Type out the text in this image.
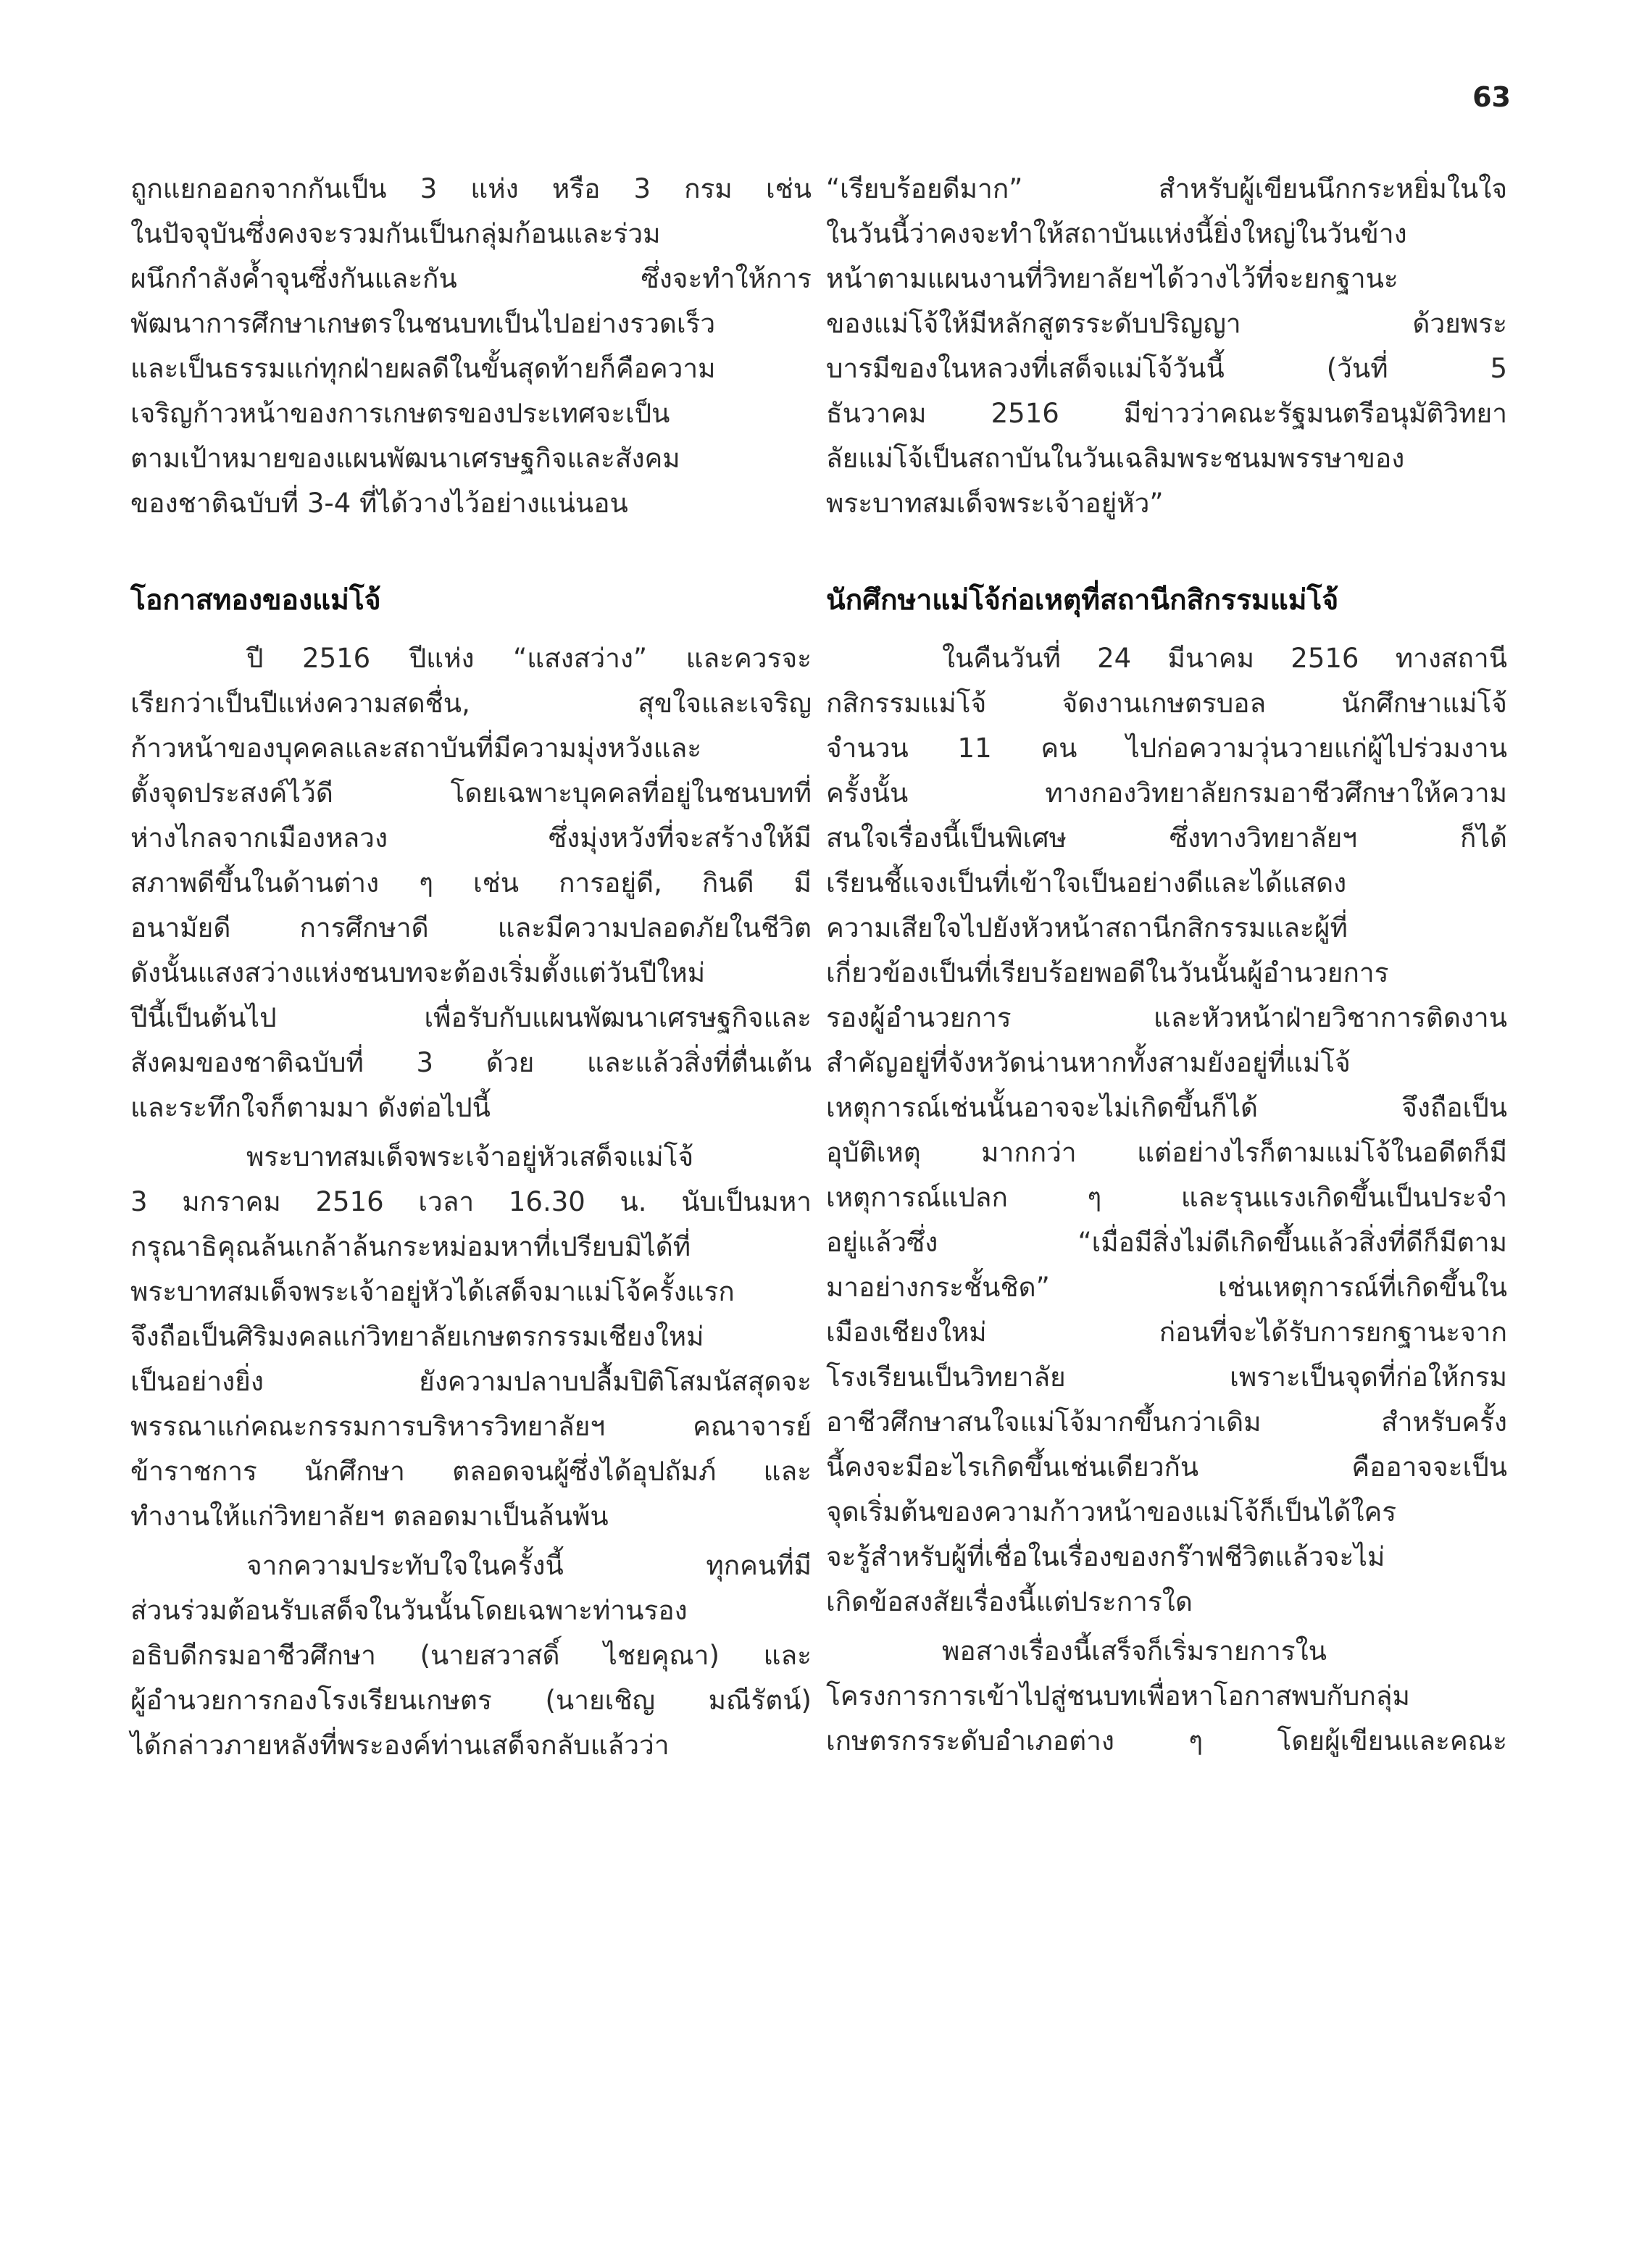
63
ถูกแยกออกจากกันเป็น 3 แห่ง หรือ 3 กรม เช่น
ในปัจจุบันซึ่งคงจะรวมกันเป็นกลุ่มก้อนและร่วม
ผนึกกำลังค้ำจุนซึ่งกันและกัน ซึ่งจะทำให้การ
พัฒนาการศึกษาเกษตรในชนบทเป็นไปอย่างรวดเร็ว
และเป็นธรรมแก่ทุกฝ่ายผลดีในขั้นสุดท้ายก็คือความ
เจริญก้าวหน้าของการเกษตรของประเทศจะเป็น
ตามเป้าหมายของแผนพัฒนาเศรษฐกิจและสังคม
ของชาติฉบับที่ 3-4 ที่ได้วางไว้อย่างแน่นอน
โอกาสทองของแม่โจ้
ปี 2516 ปีแห่ง “แสงสว่าง” และควรจะ
เรียกว่าเป็นปีแห่งความสดชื่น, สุขใจและเจริญ
ก้าวหน้าของบุคคลและสถาบันที่มีความมุ่งหวังและ
ตั้งจุดประสงค์ไว้ดี โดยเฉพาะบุคคลที่อยู่ในชนบทที่
ห่างไกลจากเมืองหลวง ซึ่งมุ่งหวังที่จะสร้างให้มี
สภาพดีขึ้นในด้านต่าง ๆ เช่น การอยู่ดี, กินดี มี
อนามัยดี การศึกษาดี และมีความปลอดภัยในชีวิต
ดังนั้นแสงสว่างแห่งชนบทจะต้องเริ่มตั้งแต่วันปีใหม่
ปีนี้เป็นต้นไป เพื่อรับกับแผนพัฒนาเศรษฐกิจและ
สังคมของชาติฉบับที่ 3 ด้วย และแล้วสิ่งที่ตื่นเต้น
และระทึกใจก็ตามมา ดังต่อไปนี้
พระบาทสมเด็จพระเจ้าอยู่หัวเสด็จแม่โจ้
3 มกราคม 2516 เวลา 16.30 น. นับเป็นมหา
กรุณาธิคุณล้นเกล้าล้นกระหม่อมหาที่เปรียบมิได้ที่
พระบาทสมเด็จพระเจ้าอยู่หัวได้เสด็จมาแม่โจ้ครั้งแรก
จึงถือเป็นศิริมงคลแก่วิทยาลัยเกษตรกรรมเชียงใหม่
เป็นอย่างยิ่ง ยังความปลาบปลื้มปิติโสมนัสสุดจะ
พรรณาแก่คณะกรรมการบริหารวิทยาลัยฯ คณาจารย์
ข้าราชการ นักศึกษา ตลอดจนผู้ซึ่งได้อุปถัมภ์ และ
ทำงานให้แก่วิทยาลัยฯ ตลอดมาเป็นล้นพ้น
จากความประทับใจในครั้งนี้ ทุกคนที่มี
ส่วนร่วมต้อนรับเสด็จในวันนั้นโดยเฉพาะท่านรอง
อธิบดีกรมอาชีวศึกษา (นายสวาสดิ์ ไชยคุณา) และ
ผู้อำนวยการกองโรงเรียนเกษตร (นายเชิญ มณีรัตน์)
ได้กล่าวภายหลังที่พระองค์ท่านเสด็จกลับแล้วว่า
“เรียบร้อยดีมาก” สำหรับผู้เขียนนึกกระหยิ่มในใจ
ในวันนี้ว่าคงจะทำให้สถาบันแห่งนี้ยิ่งใหญ่ในวันข้าง
หน้าตามแผนงานที่วิทยาลัยฯได้วางไว้ที่จะยกฐานะ
ของแม่โจ้ให้มีหลักสูตรระดับปริญญา ด้วยพระ
บารมีของในหลวงที่เสด็จแม่โจ้วันนี้ (วันที่ 5
ธันวาคม 2516 มีข่าวว่าคณะรัฐมนตรีอนุมัติวิทยา
ลัยแม่โจ้เป็นสถาบันในวันเฉลิมพระชนมพรรษาของ
พระบาทสมเด็จพระเจ้าอยู่หัว”
นักศึกษาแม่โจ้ก่อเหตุที่สถานีกสิกรรมแม่โจ้
ในคืนวันที่ 24 มีนาคม 2516 ทางสถานี
กสิกรรมแม่โจ้ จัดงานเกษตรบอล นักศึกษาแม่โจ้
จำนวน 11 คน ไปก่อความวุ่นวายแก่ผู้ไปร่วมงาน
ครั้งนั้น ทางกองวิทยาลัยกรมอาชีวศึกษาให้ความ
สนใจเรื่องนี้เป็นพิเศษ ซึ่งทางวิทยาลัยฯ ก็ได้
เรียนชี้แจงเป็นที่เข้าใจเป็นอย่างดีและได้แสดง
ความเสียใจไปยังหัวหน้าสถานีกสิกรรมและผู้ที่
เกี่ยวข้องเป็นที่เรียบร้อยพอดีในวันนั้นผู้อำนวยการ
รองผู้อำนวยการ และหัวหน้าฝ่ายวิชาการติดงาน
สำคัญอยู่ที่จังหวัดน่านหากทั้งสามยังอยู่ที่แม่โจ้
เหตุการณ์เช่นนั้นอาจจะไม่เกิดขึ้นก็ได้ จึงถือเป็น
อุบัติเหตุ มากกว่า แต่อย่างไรก็ตามแม่โจ้ในอดีตก็มี
เหตุการณ์แปลก ๆ และรุนแรงเกิดขึ้นเป็นประจำ
อยู่แล้วซึ่ง “เมื่อมีสิ่งไม่ดีเกิดขึ้นแล้วสิ่งที่ดีก็มีตาม
มาอย่างกระชั้นชิด” เช่นเหตุการณ์ที่เกิดขึ้นใน
เมืองเชียงใหม่ ก่อนที่จะได้รับการยกฐานะจาก
โรงเรียนเป็นวิทยาลัย เพราะเป็นจุดที่ก่อให้กรม
อาชีวศึกษาสนใจแม่โจ้มากขึ้นกว่าเดิม สำหรับครั้ง
นี้คงจะมีอะไรเกิดขึ้นเช่นเดียวกัน คืออาจจะเป็น
จุดเริ่มต้นของความก้าวหน้าของแม่โจ้ก็เป็นได้ใคร
จะรู้สำหรับผู้ที่เชื่อในเรื่องของกร๊าฟชีวิตแล้วจะไม่
เกิดข้อสงสัยเรื่องนี้แต่ประการใด
พอสางเรื่องนี้เสร็จก็เริ่มรายการใน
โครงการการเข้าไปสู่ชนบทเพื่อหาโอกาสพบกับกลุ่ม
เกษตรกรระดับอำเภอต่าง ๆ โดยผู้เขียนและคณะ
